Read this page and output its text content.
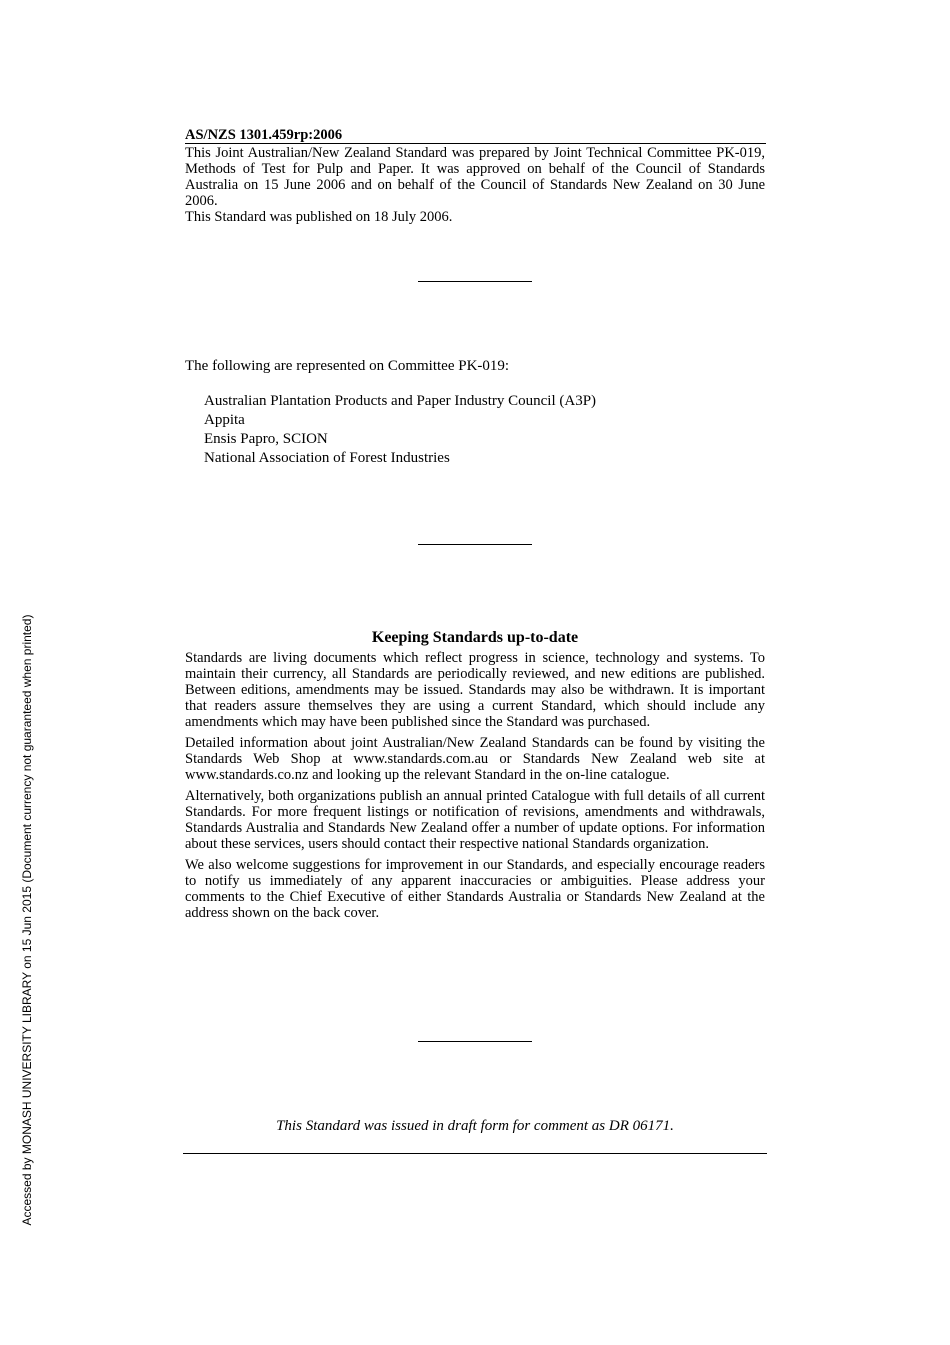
AS/NZS 1301.459rp:2006

This Joint Australian/New Zealand Standard was prepared by Joint Technical Committee PK-019, Methods of Test for Pulp and Paper. It was approved on behalf of the Council of Standards Australia on 15 June 2006 and on behalf of the Council of Standards New Zealand on 30 June 2006.

This Standard was published on 18 July 2006.

The following are represented on Committee PK-019:

Australian Plantation Products and Paper Industry Council (A3P)
Appita
Ensis Papro, SCION
National Association of Forest Industries
Keeping Standards up-to-date

Standards are living documents which reflect progress in science, technology and systems. To maintain their currency, all Standards are periodically reviewed, and new editions are published. Between editions, amendments may be issued. Standards may also be withdrawn. It is important that readers assure themselves they are using a current Standard, which should include any amendments which may have been published since the Standard was purchased.

Detailed information about joint Australian/New Zealand Standards can be found by visiting the Standards Web Shop at www.standards.com.au or Standards New Zealand web site at www.standards.co.nz and looking up the relevant Standard in the on-line catalogue.

Alternatively, both organizations publish an annual printed Catalogue with full details of all current Standards. For more frequent listings or notification of revisions, amendments and withdrawals, Standards Australia and Standards New Zealand offer a number of update options. For information about these services, users should contact their respective national Standards organization.

We also welcome suggestions for improvement in our Standards, and especially encourage readers to notify us immediately of any apparent inaccuracies or ambiguities. Please address your comments to the Chief Executive of either Standards Australia or Standards New Zealand at the address shown on the back cover.

This Standard was issued in draft form for comment as DR 06171.
Accessed by MONASH UNIVERSITY LIBRARY on 15 Jun 2015 (Document currency not guaranteed when printed)
